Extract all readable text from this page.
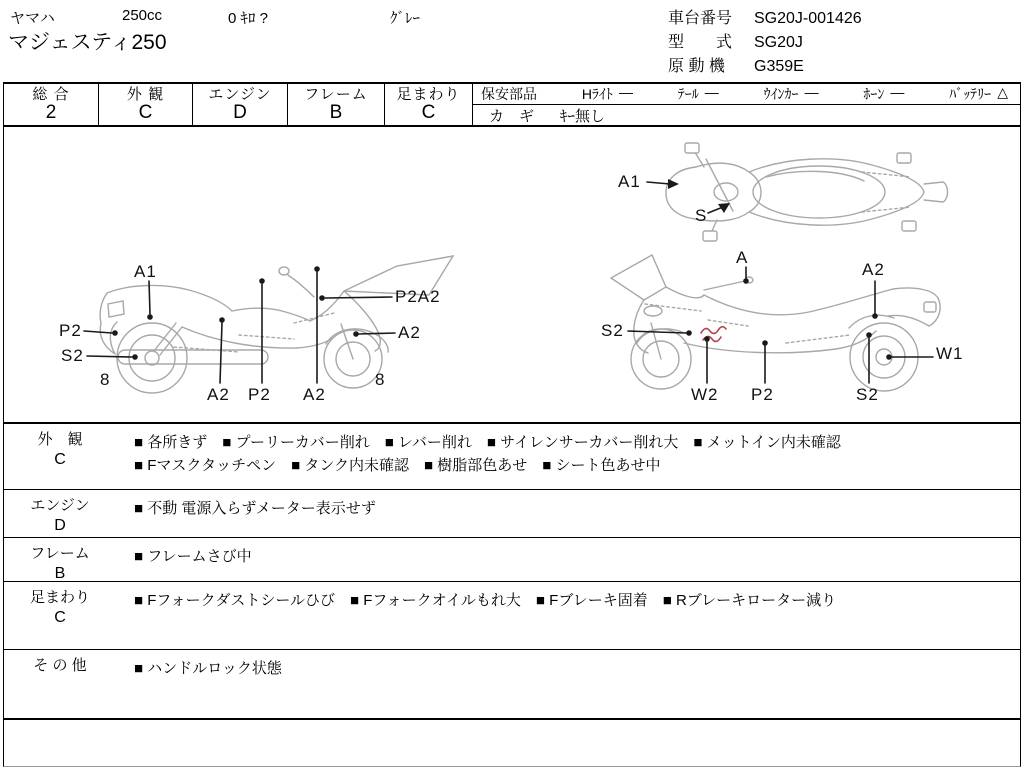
ヤマハ	250cc	0 ｷﾛ ?	ｸﾞﾚｰ
マジェスティ250
車台番号	SG20J-001426
型　　式	SG20J
原 動 機	G359E
総 合
2
外 観
C
エンジン
D
フレーム
B
足まわり
C
保安部品	Hﾗｲﾄ —	ﾃｰﾙ —	ｳｲﾝｶｰ —	ﾎｰﾝ —	ﾊﾞｯﾃﾘｰ △
カ　ギ ｷｰ無し
A1
S
A1
P2
S2
8
A2 P2 A2
8
P2A2
A2
A
A2
S2
W2 P2	S2
W1
外　観
C
■ 各所きず　■ プーリーカバー削れ　■ レバー削れ　■ サイレンサーカバー削れ大　■ メットイン内未確認
■ Fマスクタッチペン　■ タンク内未確認　■ 樹脂部色あせ　■ シート色あせ中
エンジン
D
■ 不動 電源入らずメーター表示せず
フレーム
B
■ フレームさび中
足まわり
C
■ Fフォークダストシールひび　■ Fフォークオイルもれ大　■ Fブレーキ固着　■ Rブレーキローター減り
そ の 他	■ ハンドルロック状態
